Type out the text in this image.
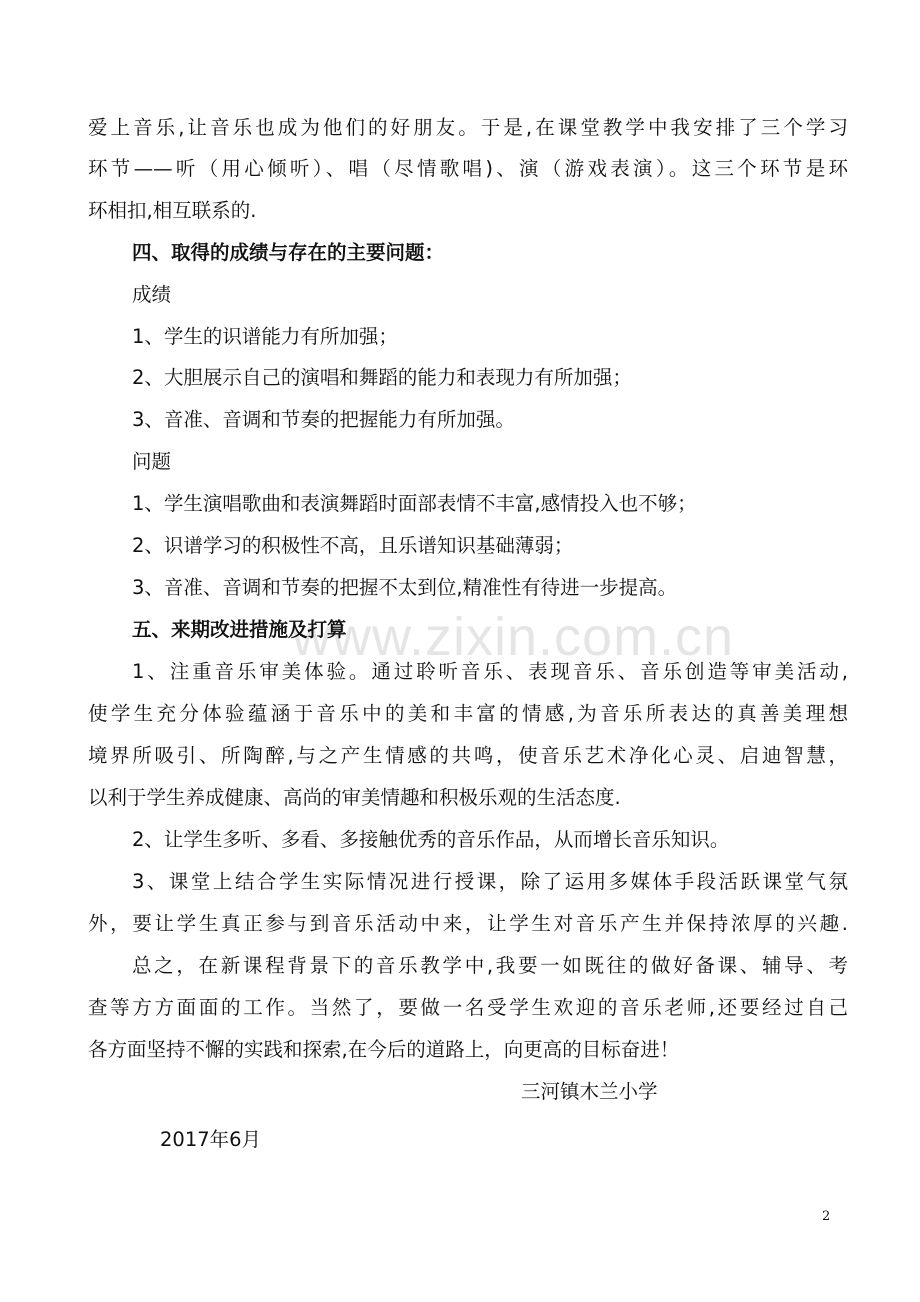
爱上音乐,让音乐也成为他们的好朋友。于是,在课堂教学中我安排了三个学习

环节——听（用心倾听）、唱（尽情歌唱)、演（游戏表演）。这三个环节是环

环相扣,相互联系的.

四、取得的成绩与存在的主要问题：

成绩

1、学生的识谱能力有所加强；

2、大胆展示自己的演唱和舞蹈的能力和表现力有所加强；

3、音准、音调和节奏的把握能力有所加强。

问题

1、学生演唱歌曲和表演舞蹈时面部表情不丰富,感情投入也不够；

2、识谱学习的积极性不高，且乐谱知识基础薄弱；

3、音准、音调和节奏的把握不太到位,精准性有待进一步提高。

五、来期改进措施及打算

1、注重音乐审美体验。通过聆听音乐、表现音乐、音乐创造等审美活动,

使学生充分体验蕴涵于音乐中的美和丰富的情感,为音乐所表达的真善美理想

境界所吸引、所陶醉,与之产生情感的共鸣，使音乐艺术净化心灵、启迪智慧，

以利于学生养成健康、高尚的审美情趣和积极乐观的生活态度.

2、让学生多听、多看、多接触优秀的音乐作品，从而增长音乐知识。

3、课堂上结合学生实际情况进行授课，除了运用多媒体手段活跃课堂气氛

外，要让学生真正参与到音乐活动中来，让学生对音乐产生并保持浓厚的兴趣.

总之，在新课程背景下的音乐教学中,我要一如既往的做好备课、辅导、考

查等方方面面的工作。当然了，要做一名受学生欢迎的音乐老师,还要经过自己

各方面坚持不懈的实践和探索,在今后的道路上，向更高的目标奋进！

三河镇木兰小学

2017年6月

www.zixin.com.cn
2
